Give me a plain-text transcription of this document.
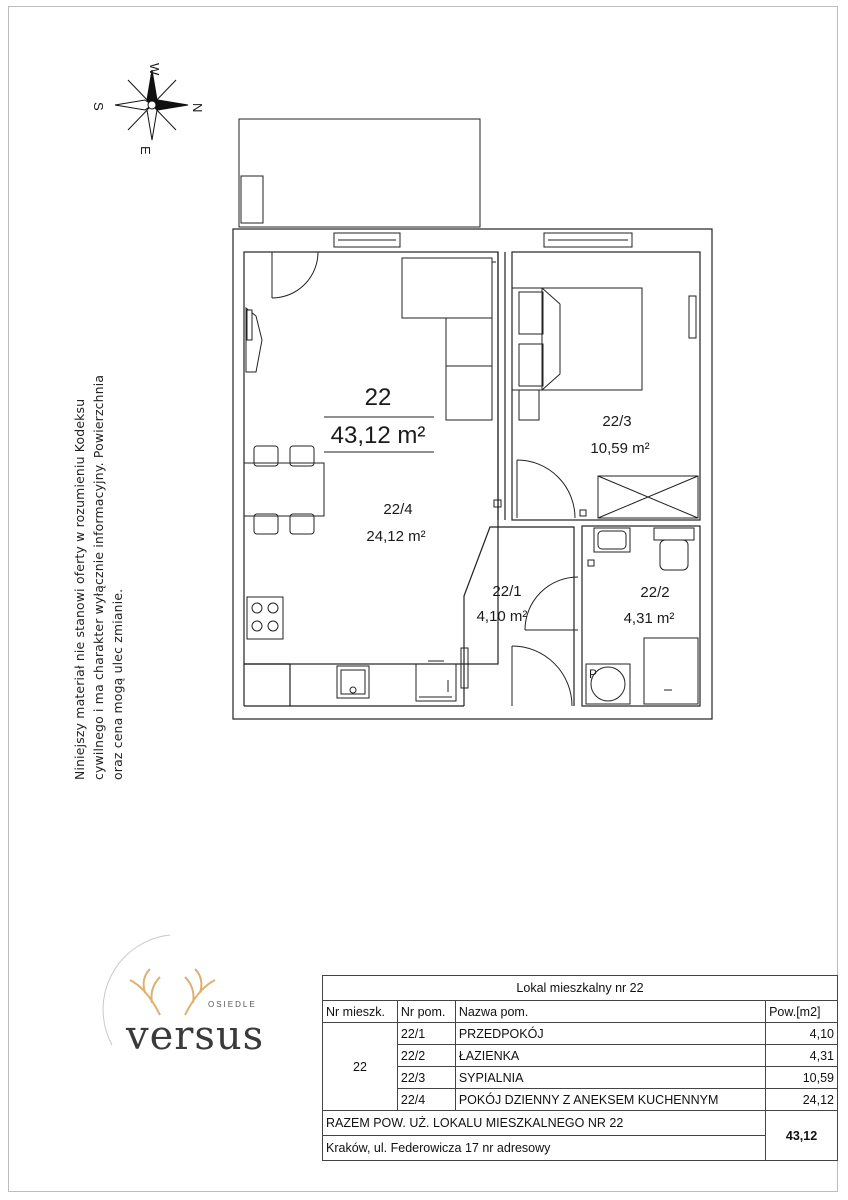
W
E
S	N
22
43,12 m²
22/4
24,12 m²
22/3
10,59 m²
22/1
4,10 m²
22/2
4,31 m²
P
Niniejszy materiał nie stanowi oferty w rozumieniu Kodeksu cywilnego i ma charakter wyłącznie informacyjny. Powierzchnia oraz cena mogą ulec zmianie.
OSIEDLE
versus
Lokal mieszkalny nr 22			
Nr mieszk.	Nr pom.	Nazwa pom.	Pow.[m2]
22	22/1	PRZEDPOKÓJ	4,10
	22/2	ŁAZIENKA	4,31
	22/3	SYPIALNIA	10,59
	22/4	POKÓJ DZIENNY Z ANEKSEM KUCHENNYM	24,12
RAZEM POW. UŻ. LOKALU MIESZKALNEGO NR 22			43,12
Kraków, ul. Federowicza 17 nr adresowy			
